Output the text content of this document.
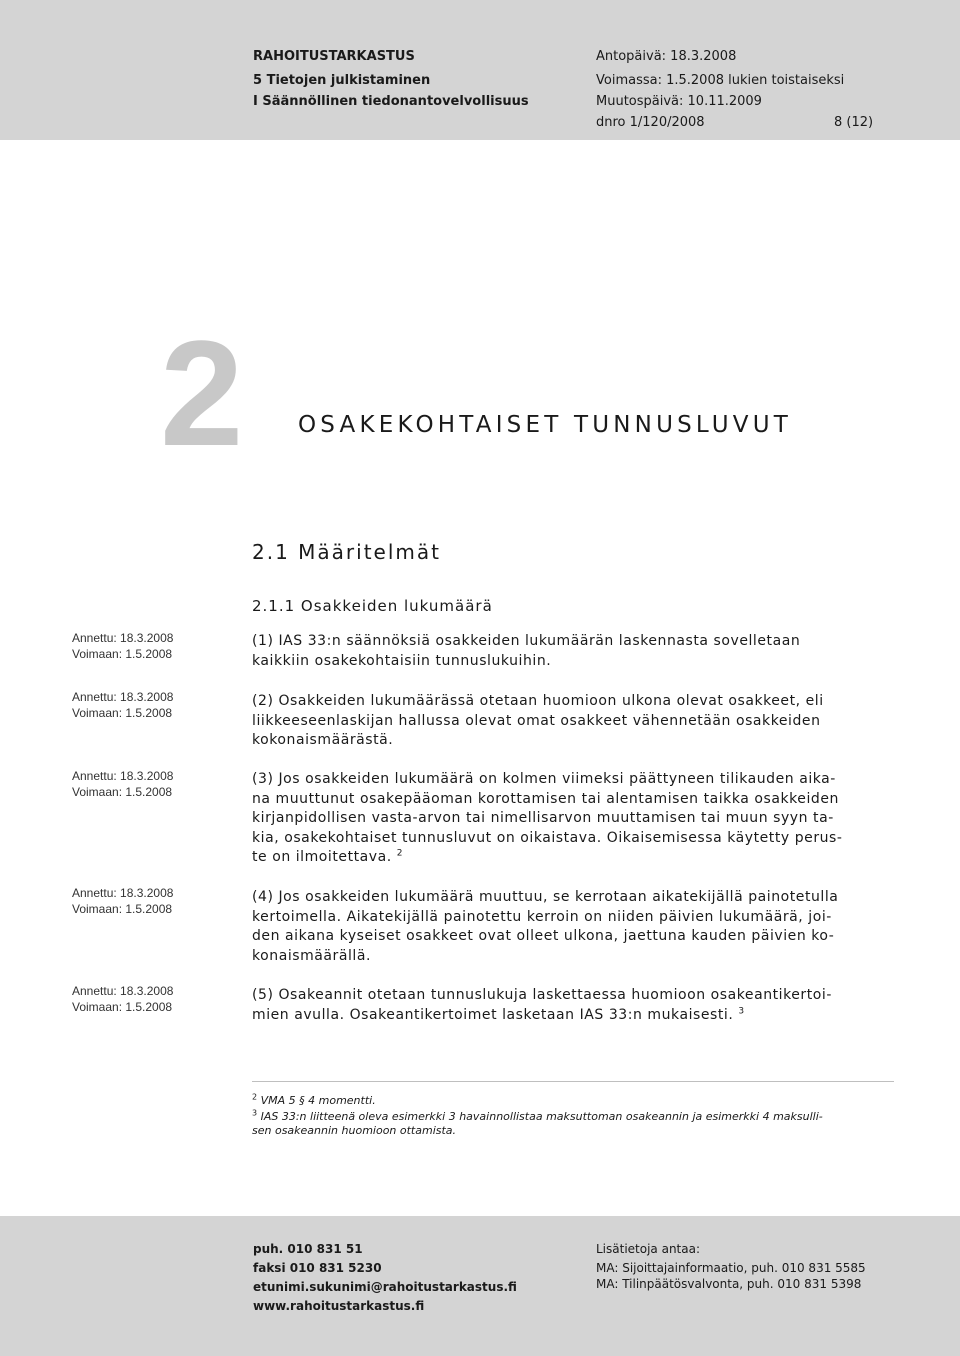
RAHOITUSTARKASTUS
5 Tietojen julkistaminen
I Säännöllinen tiedonantovelvollisuus
Antopäivä: 18.3.2008
Voimassa: 1.5.2008 lukien toistaiseksi
Muutospäivä: 10.11.2009
dnro 1/120/2008	8 (12)
2 OSAKEKOHTAISET TUNNUSLUVUT
2.1 Määritelmät
2.1.1 Osakkeiden lukumäärä
Annettu: 18.3.2008
Voimaan: 1.5.2008
Annettu: 18.3.2008
Voimaan: 1.5.2008
Annettu: 18.3.2008
Voimaan: 1.5.2008
Annettu: 18.3.2008
Voimaan: 1.5.2008
Annettu: 18.3.2008
Voimaan: 1.5.2008
(1) IAS 33:n säännöksiä osakkeiden lukumäärän laskennasta sovelletaan
kaikkiin osakekohtaisiin tunnuslukuihin.
(2) Osakkeiden lukumäärässä otetaan huomioon ulkona olevat osakkeet, eli
liikkeeseenlaskijan hallussa olevat omat osakkeet vähennetään osakkeiden
kokonaismäärästä.
(3) Jos osakkeiden lukumäärä on kolmen viimeksi päättyneen tilikauden aika-
na muuttunut osakepääoman korottamisen tai alentamisen taikka osakkeiden
kirjanpidollisen vasta-arvon tai nimellisarvon muuttamisen tai muun syyn ta-
kia, osakekohtaiset tunnusluvut on oikaistava. Oikaisemisessa käytetty perus-
te on ilmoitettava. $^2$
(4) Jos osakkeiden lukumäärä muuttuu, se kerrotaan aikatekijällä painotetulla
kertoimella. Aikatekijällä painotettu kerroin on niiden päivien lukumäärä, joi-
den aikana kyseiset osakkeet ovat olleet ulkona, jaettuna kauden päivien ko-
konaismäärällä.
(5) Osakeannit otetaan tunnuslukuja laskettaessa huomioon osakeantikertoi-
mien avulla. Osakeantikertoimet lasketaan IAS 33:n mukaisesti. $^3$
$^2$ VMA 5 § 4 momentti.
$^3$ IAS 33:n liitteenä oleva esimerkki 3 havainnollistaa maksuttoman osakeannin ja esimerkki 4 maksulli-
sen osakeannin huomioon ottamista.
puh. 010 831 51
faksi 010 831 5230
etunimi.sukunimi@rahoitustarkastus.fi
www.rahoitustarkastus.fi
Lisätietoja antaa:
MA: Sijoittajainformaatio, puh. 010 831 5585
MA: Tilinpäätösvalvonta, puh. 010 831 5398
